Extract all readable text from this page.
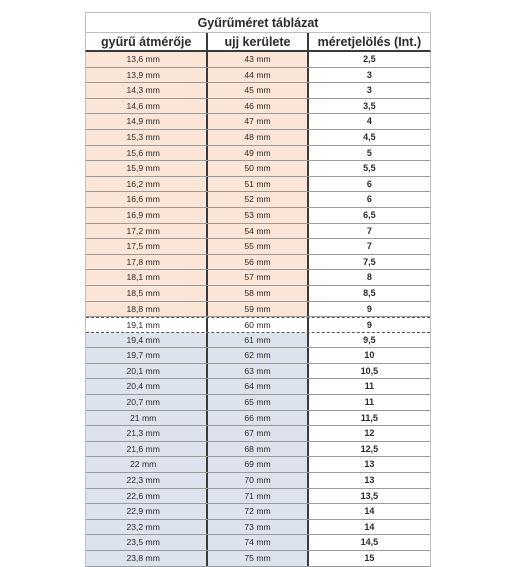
Gyűrűméret táblázat
gyűrű átmérője	ujj kerülete	méretjelölés (Int.)
13,6 mm	43 mm	2,5
13,9 mm	44 mm	3
14,3 mm	45 mm	3
14,6 mm	46 mm	3,5
14,9 mm	47 mm	4
15,3 mm	48 mm	4,5
15,6 mm	49 mm	5
15,9 mm	50 mm	5,5
16,2 mm	51 mm	6
16,6 mm	52 mm	6
16,9 mm	53 mm	6,5
17,2 mm	54 mm	7
17,5 mm	55 mm	7
17,8 mm	56 mm	7,5
18,1 mm	57 mm	8
18,5 mm	58 mm	8,5
18,8 mm	59 mm	9
19,1 mm	60 mm	9
19,4 mm	61 mm	9,5
19,7 mm	62 mm	10
20,1 mm	63 mm	10,5
20,4 mm	64 mm	11
20,7 mm	65 mm	11
21 mm	66 mm	11,5
21,3 mm	67 mm	12
21,6 mm	68 mm	12,5
22 mm	69 mm	13
22,3 mm	70 mm	13
22,6 mm	71 mm	13,5
22,9 mm	72 mm	14
23,2 mm	73 mm	14
23,5 mm	74 mm	14,5
23,8 mm	75 mm	15
